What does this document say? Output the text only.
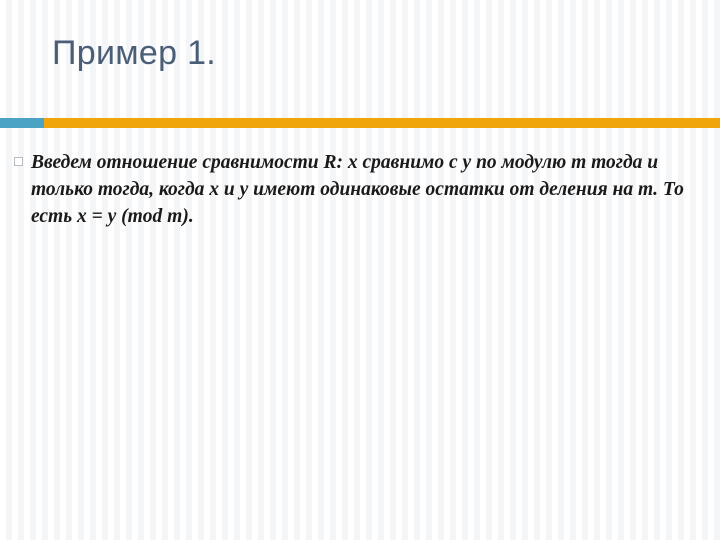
Пример 1.
Введем отношение сравнимости R: x сравнимо с y по модулю m тогда и только тогда, когда x и y имеют одинаковые остатки от деления на m. То есть x = y (mod m).
